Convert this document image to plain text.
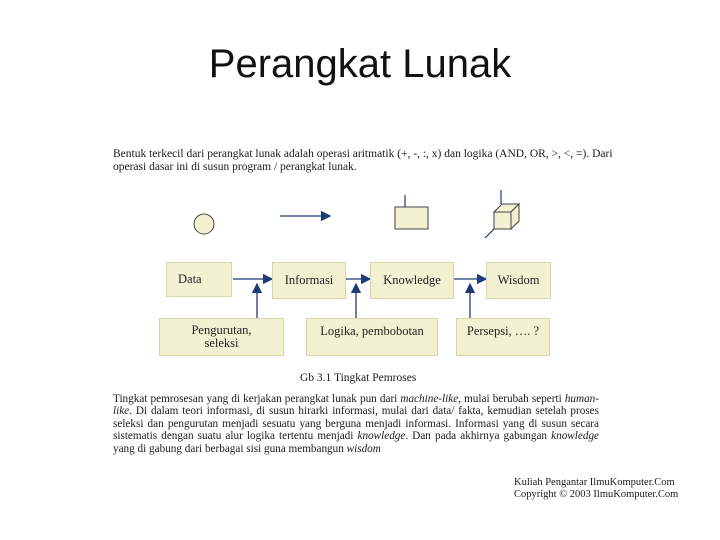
Perangkat Lunak
Bentuk terkecil dari perangkat lunak adalah operasi aritmatik (+, -, :, x) dan logika (AND, OR, >, <, =). Dari operasi dasar ini di susun program / perangkat lunak.
Data	Informasi	Knowledge	Wisdom
Pengurutan, seleksi
Logika, pembobotan	Persepsi, …. ?
Gb 3.1 Tingkat Pemroses
Tingkat pemrosesan yang di kerjakan perangkat lunak pun dari machine-like, mulai berubah seperti human-like. Di dalam teori informasi, di susun hirarki informasi, mulai dari data/ fakta, kemudian setelah proses seleksi dan pengurutan menjadi sesuatu yang berguna menjadi informasi. Informasi yang di susun secara sistematis dengan suatu alur logika tertentu menjadi knowledge. Dan pada akhirnya gabungan knowledge yang di gabung dari berbagai sisi guna membangun wisdom
Kuliah Pengantar IlmuKomputer.Com
Copyright © 2003 IlmuKomputer.Com
